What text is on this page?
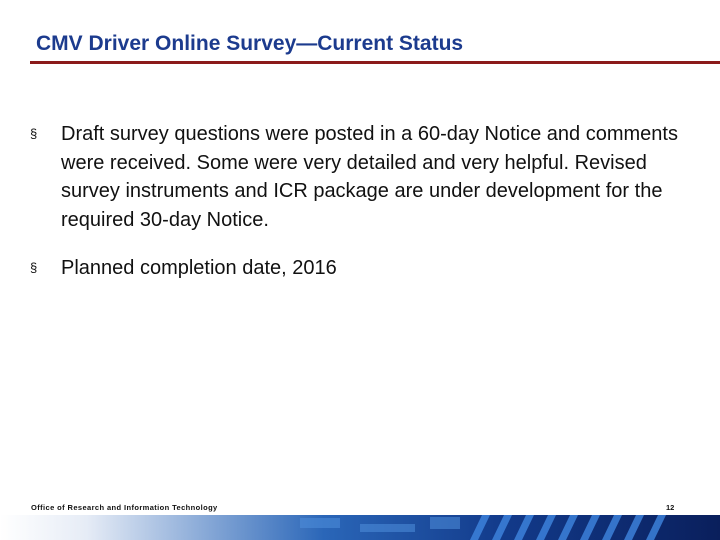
CMV Driver Online Survey—Current Status
§ Draft survey questions were posted in a 60-day Notice and comments were received. Some were very detailed and very helpful. Revised survey instruments and ICR package are under development for the required 30-day Notice.
§ Planned completion date, 2016
Office of Research and Information Technology	12
